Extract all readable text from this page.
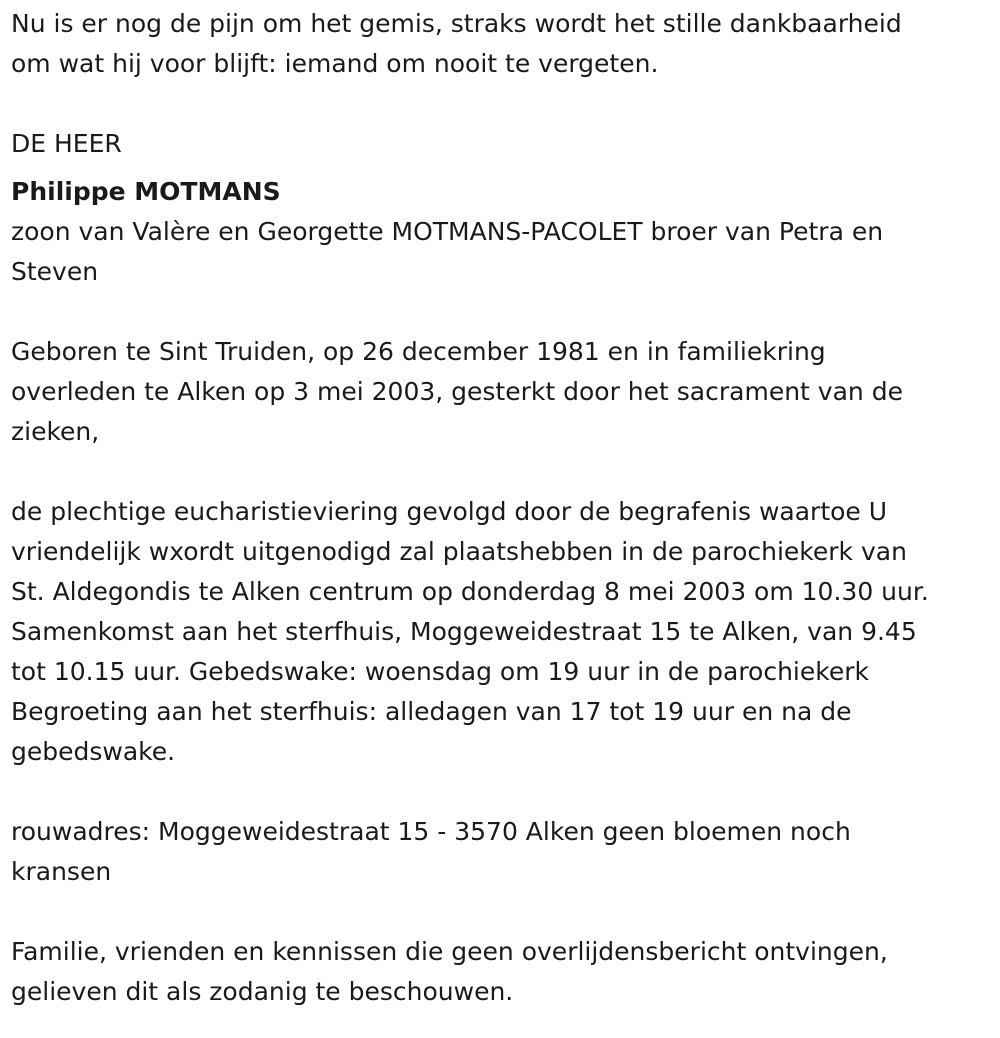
Nu is er nog de pijn om het gemis, straks wordt het stille dankbaarheid
om wat hij voor blijft: iemand om nooit te vergeten.
DE HEER
Philippe MOTMANS
zoon van Valère en Georgette MOTMANS-PACOLET broer van Petra en
Steven
Geboren te Sint Truiden, op 26 december 1981 en in familiekring
overleden te Alken op 3 mei 2003, gesterkt door het sacrament van de
zieken,
de plechtige eucharistieviering gevolgd door de begrafenis waartoe U
vriendelijk wxordt uitgenodigd zal plaatshebben in de parochiekerk van
St. Aldegondis te Alken centrum op donderdag 8 mei 2003 om 10.30 uur.
Samenkomst aan het sterfhuis, Moggeweidestraat 15 te Alken, van 9.45
tot 10.15 uur. Gebedswake: woensdag om 19 uur in de parochiekerk
Begroeting aan het sterfhuis: alledagen van 17 tot 19 uur en na de
gebedswake.
rouwadres: Moggeweidestraat 15 - 3570 Alken geen bloemen noch
kransen
Familie, vrienden en kennissen die geen overlijdensbericht ontvingen,
gelieven dit als zodanig te beschouwen.
